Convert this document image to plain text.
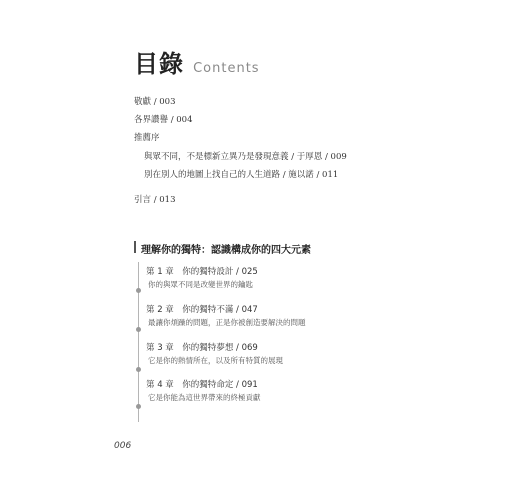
目錄 Contents
敬獻 / 003
各界讚譽 / 004
推薦序
與眾不同，不是標新立異乃是發現意義 / 于厚恩 / 009
別在別人的地圖上找自己的人生道路 / 施以諾 / 011
引言 / 013
理解你的獨特：認識構成你的四大元素
第 1 章　你的獨特設計 / 025
你的與眾不同是改變世界的鑰匙
第 2 章　你的獨特不滿 / 047
最讓你煩躁的問題，正是你被創造要解決的問題
第 3 章　你的獨特夢想 / 069
它是你的熱情所在，以及所有特質的展現
第 4 章　你的獨特命定 / 091
它是你能為這世界帶來的終極貢獻
006
